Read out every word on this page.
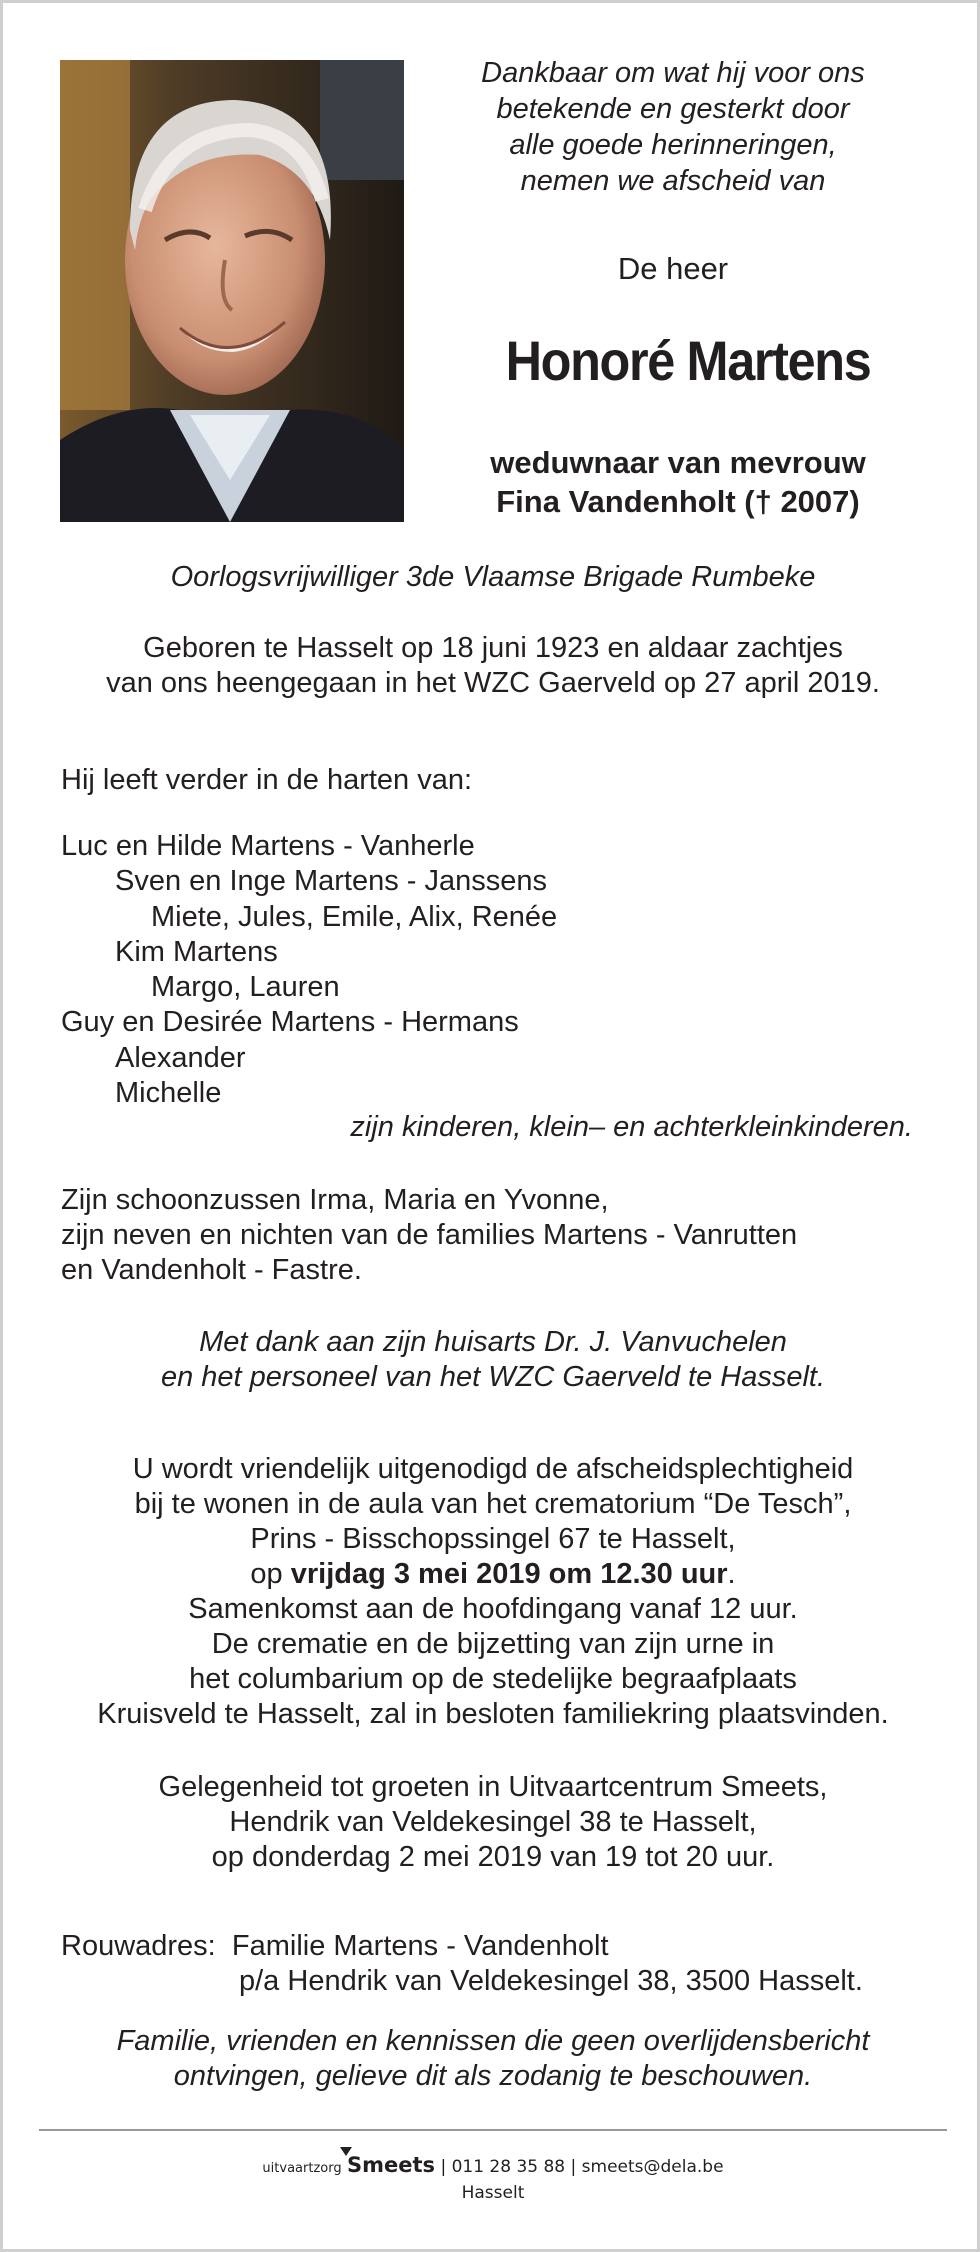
Dankbaar om wat hij voor ons
betekende en gesterkt door
alle goede herinneringen,
nemen we afscheid van
De heer
Honoré Martens
weduwnaar van mevrouw
Fina Vandenholt († 2007)
Oorlogsvrijwilliger 3de Vlaamse Brigade Rumbeke
Geboren te Hasselt op 18 juni 1923 en aldaar zachtjes
van ons heengegaan in het WZC Gaerveld op 27 april 2019.
Hij leeft verder in de harten van:
Luc en Hilde Martens - Vanherle
Sven en Inge Martens - Janssens
Miete, Jules, Emile, Alix, Renée
Kim Martens
Margo, Lauren
Guy en Desirée Martens - Hermans
Alexander
Michelle
zijn kinderen, klein– en achterkleinkinderen.
Zijn schoonzussen Irma, Maria en Yvonne,
zijn neven en nichten van de families Martens - Vanrutten
en Vandenholt - Fastre.
Met dank aan zijn huisarts Dr. J. Vanvuchelen
en het personeel van het WZC Gaerveld te Hasselt.
U wordt vriendelijk uitgenodigd de afscheidsplechtigheid
bij te wonen in de aula van het crematorium “De Tesch”,
Prins - Bisschopssingel 67 te Hasselt,
op vrijdag 3 mei 2019 om 12.30 uur.
Samenkomst aan de hoofdingang vanaf 12 uur.
De crematie en de bijzetting van zijn urne in
het columbarium op de stedelijke begraafplaats
Kruisveld te Hasselt, zal in besloten familiekring plaatsvinden.
Gelegenheid tot groeten in Uitvaartcentrum Smeets,
Hendrik van Veldekesingel 38 te Hasselt,
op donderdag 2 mei 2019 van 19 tot 20 uur.
Rouwadres: Familie Martens - Vandenholt
p/a Hendrik van Veldekesingel 38, 3500 Hasselt.
Familie, vrienden en kennissen die geen overlijdensbericht
ontvingen, gelieve dit als zodanig te beschouwen.
uitvaartzorg Smeets | 011 28 35 88 | smeets@dela.be
Hasselt
